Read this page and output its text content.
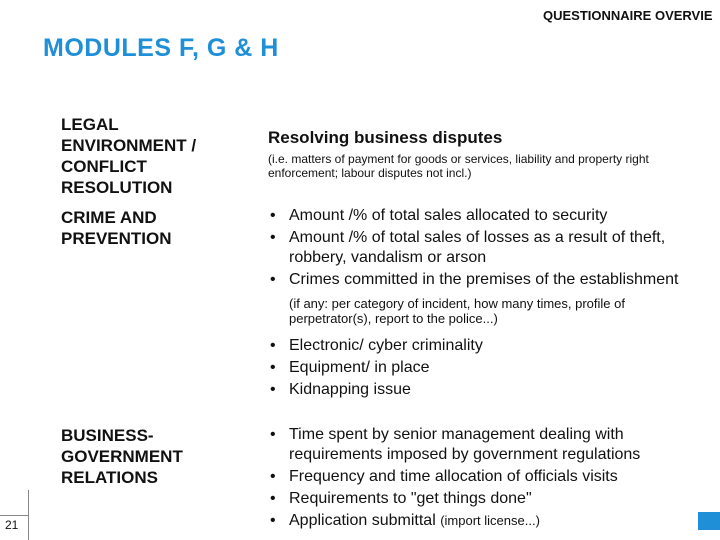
QUESTIONNAIRE OVERVIE
MODULES F, G & H
LEGAL
ENVIRONMENT /
CONFLICT
RESOLUTION
Resolving business disputes
(i.e. matters of payment for goods or services, liability and property right enforcement; labour disputes not incl.)
CRIME AND
PREVENTION
• Amount /% of total sales allocated to security
• Amount /% of total sales of losses as a result of theft, robbery, vandalism or arson
• Crimes committed in the premises of the establishment
(if any: per category of incident, how many times, profile of perpetrator(s), report to the police...)
• Electronic/ cyber criminality
• Equipment/ in place
• Kidnapping issue
BUSINESS-
GOVERNMENT
RELATIONS
• Time spent by senior management dealing with requirements imposed by government regulations
• Frequency and time allocation of officials visits
• Requirements to "get things done"
• Application submittal (import license...)
21
